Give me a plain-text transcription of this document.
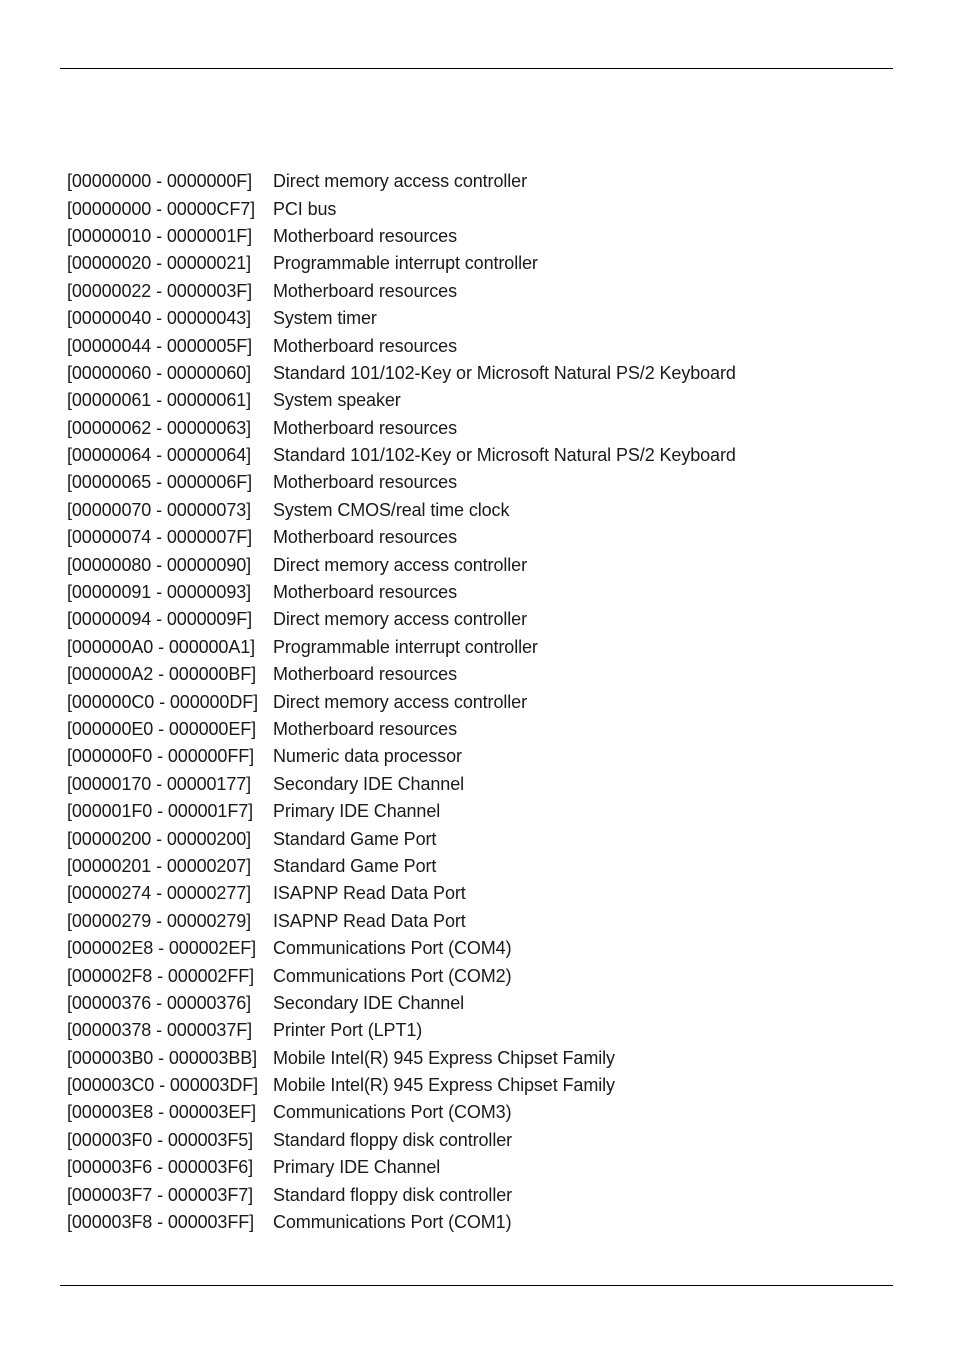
[00000000 - 0000000F]	Direct memory access controller
[00000000 - 00000CF7] PCI bus
[00000010 - 0000001F]	Motherboard resources
[00000020 - 00000021]	Programmable interrupt controller
[00000022 - 0000003F]	Motherboard resources
[00000040 - 00000043]	System timer
[00000044 - 0000005F]	Motherboard resources
[00000060 - 00000060]	Standard 101/102-Key or Microsoft Natural PS/2 Keyboard
[00000061 - 00000061]	System speaker
[00000062 - 00000063]	Motherboard resources
[00000064 - 00000064]	Standard 101/102-Key or Microsoft Natural PS/2 Keyboard
[00000065 - 0000006F]	Motherboard resources
[00000070 - 00000073]	System CMOS/real time clock
[00000074 - 0000007F]	Motherboard resources
[00000080 - 00000090]	Direct memory access controller
[00000091 - 00000093]	Motherboard resources
[00000094 - 0000009F]	Direct memory access controller
[000000A0 - 000000A1] Programmable interrupt controller
[000000A2 - 000000BF] Motherboard resources
[000000C0 - 000000DF] Direct memory access controller
[000000E0 - 000000EF] Motherboard resources
[000000F0 - 000000FF]	Numeric data processor
[00000170 - 00000177]	Secondary IDE Channel
[000001F0 - 000001F7]	Primary IDE Channel
[00000200 - 00000200]	Standard Game Port
[00000201 - 00000207]	Standard Game Port
[00000274 - 00000277]	ISAPNP Read Data Port
[00000279 - 00000279]	ISAPNP Read Data Port
[000002E8 - 000002EF] Communications Port (COM4)
[000002F8 - 000002FF]	Communications Port (COM2)
[00000376 - 00000376]	Secondary IDE Channel
[00000378 - 0000037F]	Printer Port (LPT1)
[000003B0 - 000003BB] Mobile Intel(R) 945 Express Chipset Family
[000003C0 - 000003DF] Mobile Intel(R) 945 Express Chipset Family
[000003E8 - 000003EF] Communications Port (COM3)
[000003F0 - 000003F5]	Standard floppy disk controller
[000003F6 - 000003F6]	Primary IDE Channel
[000003F7 - 000003F7]	Standard floppy disk controller
[000003F8 - 000003FF]	Communications Port (COM1)
